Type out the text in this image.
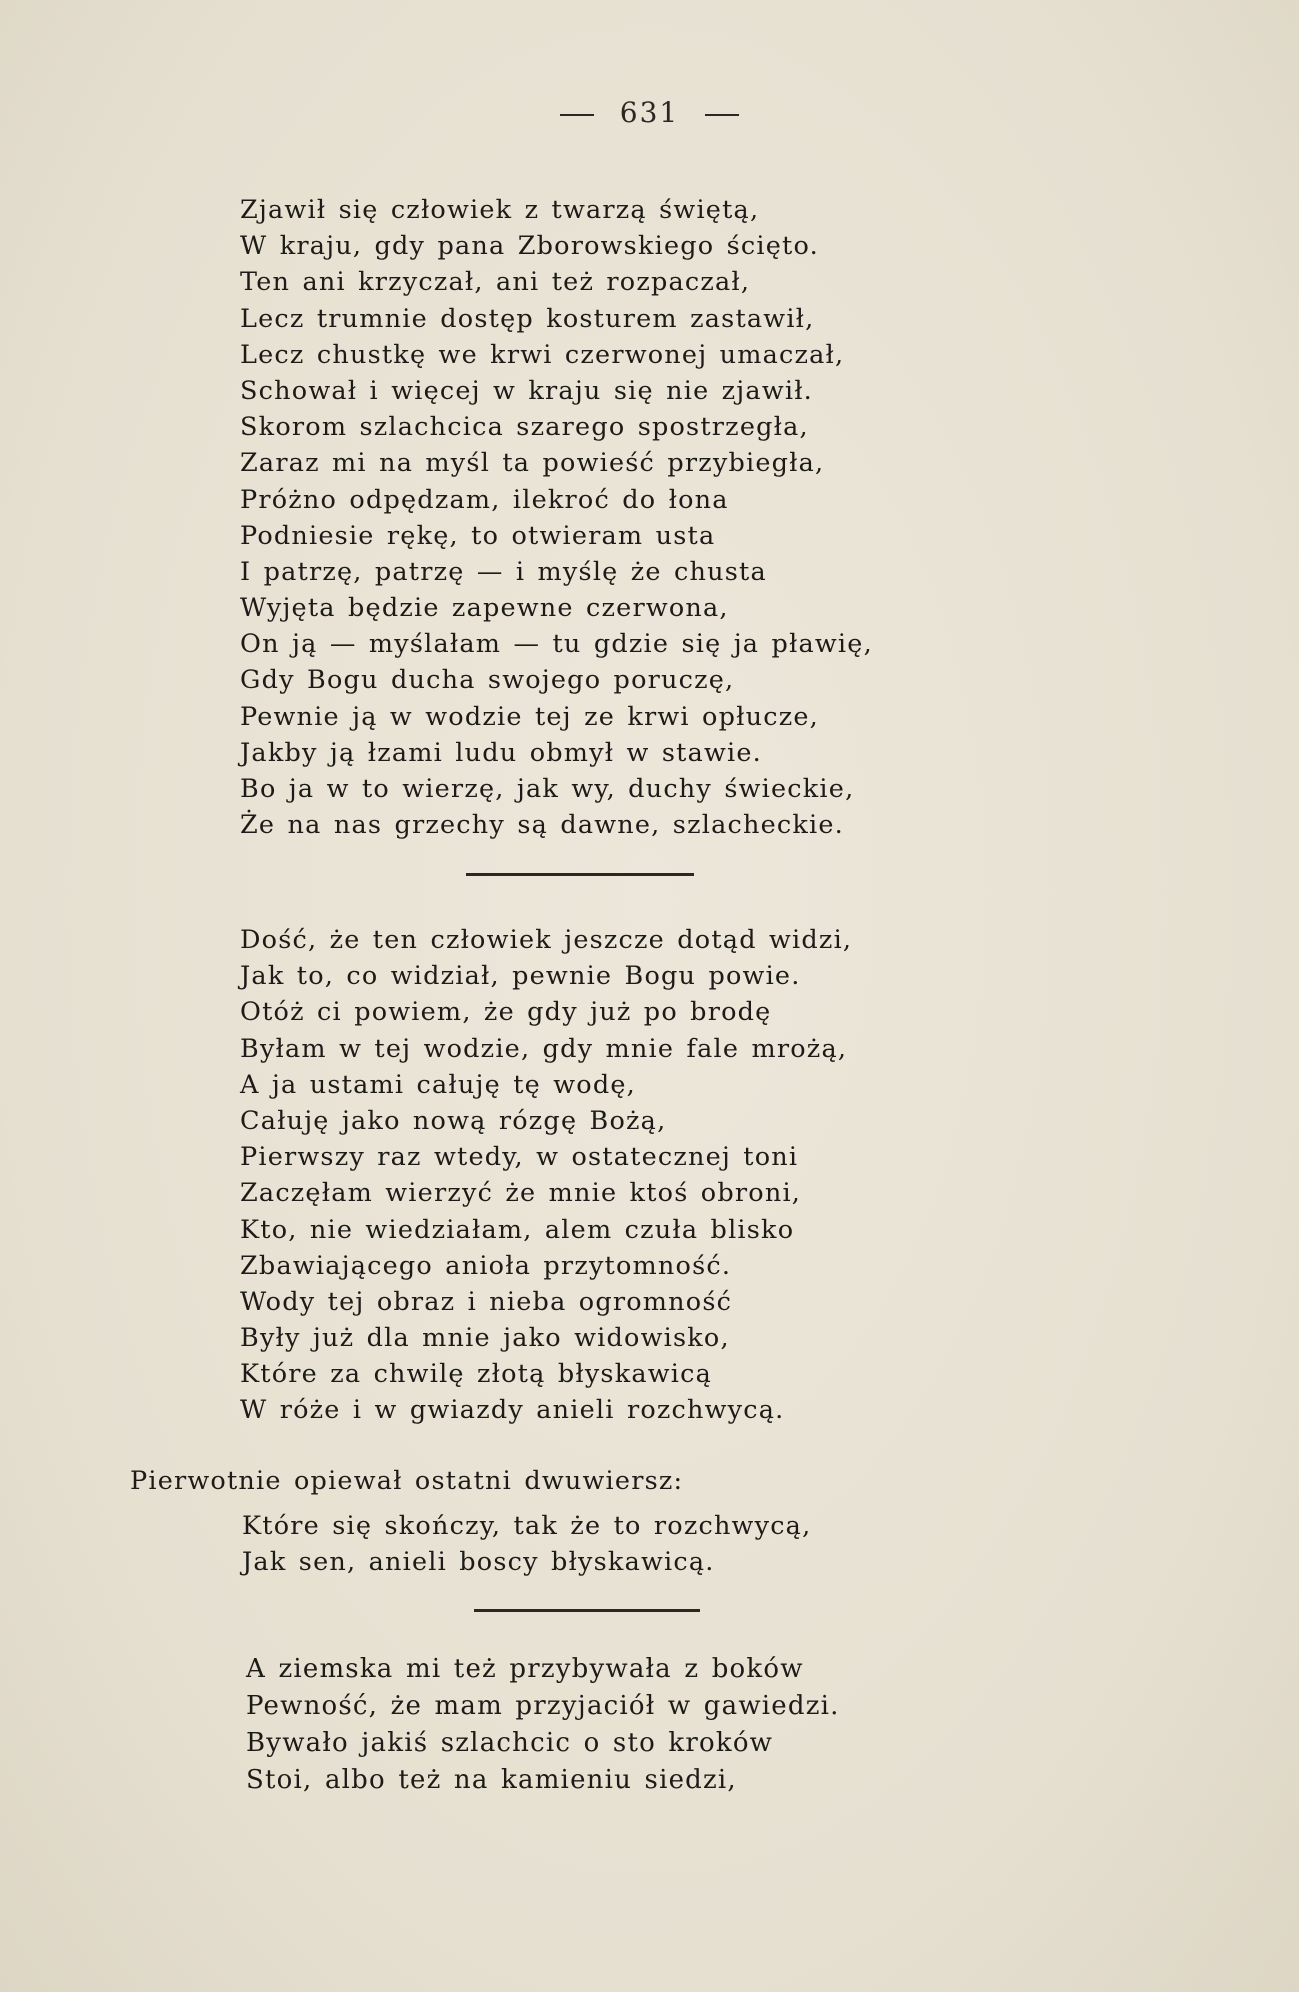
631
Zjawił się człowiek z twarzą świętą,
W kraju, gdy pana Zborowskiego ścięto.
Ten ani krzyczał, ani też rozpaczał,
Lecz trumnie dostęp kosturem zastawił,
Lecz chustkę we krwi czerwonej umaczał,
Schował i więcej w kraju się nie zjawił.
Skorom szlachcica szarego spostrzegła,
Zaraz mi na myśl ta powieść przybiegła,
Próżno odpędzam, ilekroć do łona
Podniesie rękę, to otwieram usta
I patrzę, patrzę — i myślę że chusta
Wyjęta będzie zapewne czerwona,
On ją — myślałam — tu gdzie się ja pławię,
Gdy Bogu ducha swojego poruczę,
Pewnie ją w wodzie tej ze krwi opłucze,
Jakby ją łzami ludu obmył w stawie.
Bo ja w to wierzę, jak wy, duchy świeckie,
Że na nas grzechy są dawne, szlacheckie.
Dość, że ten człowiek jeszcze dotąd widzi,
Jak to, co widział, pewnie Bogu powie.
Otóż ci powiem, że gdy już po brodę
Byłam w tej wodzie, gdy mnie fale mrożą,
A ja ustami całuję tę wodę,
Całuję jako nową rózgę Bożą,
Pierwszy raz wtedy, w ostatecznej toni
Zaczęłam wierzyć że mnie ktoś obroni,
Kto, nie wiedziałam, alem czuła blisko
Zbawiającego anioła przytomność.
Wody tej obraz i nieba ogromność
Były już dla mnie jako widowisko,
Które za chwilę złotą błyskawicą
W róże i w gwiazdy anieli rozchwycą.
Pierwotnie opiewał ostatni dwuwiersz:
Które się skończy, tak że to rozchwycą,
Jak sen, anieli boscy błyskawicą.
A ziemska mi też przybywała z boków
Pewność, że mam przyjaciół w gawiedzi.
Bywało jakiś szlachcic o sto kroków
Stoi, albo też na kamieniu siedzi,
